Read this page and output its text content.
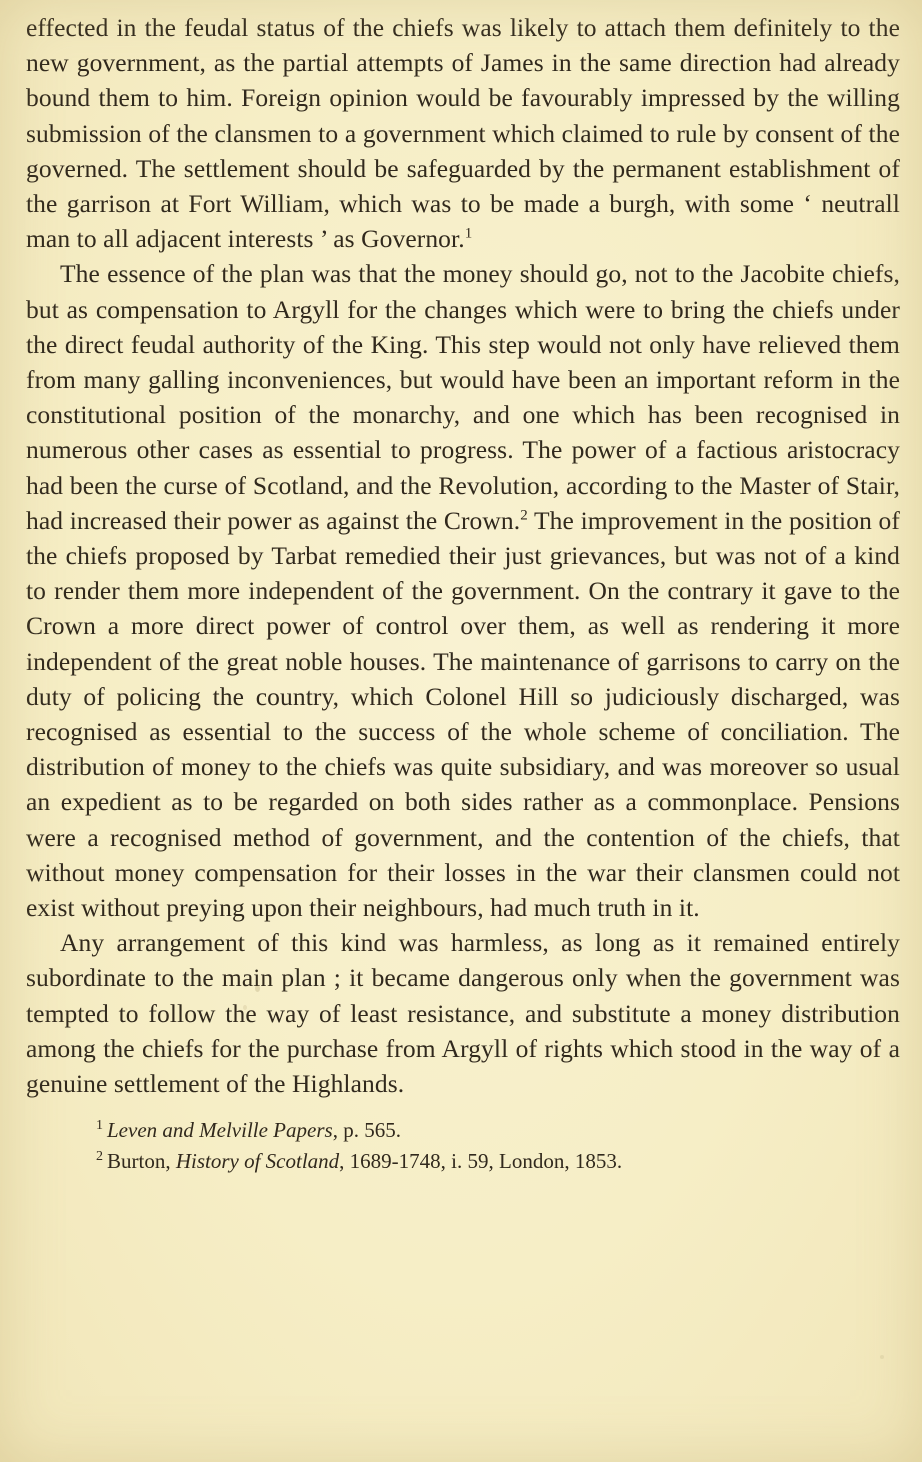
effected in the feudal status of the chiefs was likely to attach them definitely to the new government, as the partial attempts of James in the same direction had already bound them to him. Foreign opinion would be favourably impressed by the willing submission of the clansmen to a government which claimed to rule by consent of the governed. The settlement should be safeguarded by the permanent establishment of the garrison at Fort William, which was to be made a burgh, with some ‘ neutrall man to all adjacent interests ’ as Governor.$^1$

The essence of the plan was that the money should go, not to the Jacobite chiefs, but as compensation to Argyll for the changes which were to bring the chiefs under the direct feudal authority of the King. This step would not only have relieved them from many galling inconveniences, but would have been an important reform in the constitutional position of the monarchy, and one which has been recognised in numerous other cases as essential to progress. The power of a factious aristocracy had been the curse of Scotland, and the Revolution, according to the Master of Stair, had increased their power as against the Crown.$^2$ The improvement in the position of the chiefs proposed by Tarbat remedied their just grievances, but was not of a kind to render them more independent of the government. On the contrary it gave to the Crown a more direct power of control over them, as well as rendering it more independent of the great noble houses. The maintenance of garrisons to carry on the duty of policing the country, which Colonel Hill so judiciously discharged, was recognised as essential to the success of the whole scheme of conciliation. The distribution of money to the chiefs was quite subsidiary, and was moreover so usual an expedient as to be regarded on both sides rather as a commonplace. Pensions were a recognised method of government, and the contention of the chiefs, that without money compensation for their losses in the war their clansmen could not exist without preying upon their neighbours, had much truth in it.

Any arrangement of this kind was harmless, as long as it remained entirely subordinate to the main plan ; it became dangerous only when the government was tempted to follow the way of least resistance, and substitute a money distribution among the chiefs for the purchase from Argyll of rights which stood in the way of a genuine settlement of the Highlands.

$^1$ Leven and Melville Papers, p. 565.

$^2$ Burton, History of Scotland, 1689-1748, i. 59, London, 1853.
